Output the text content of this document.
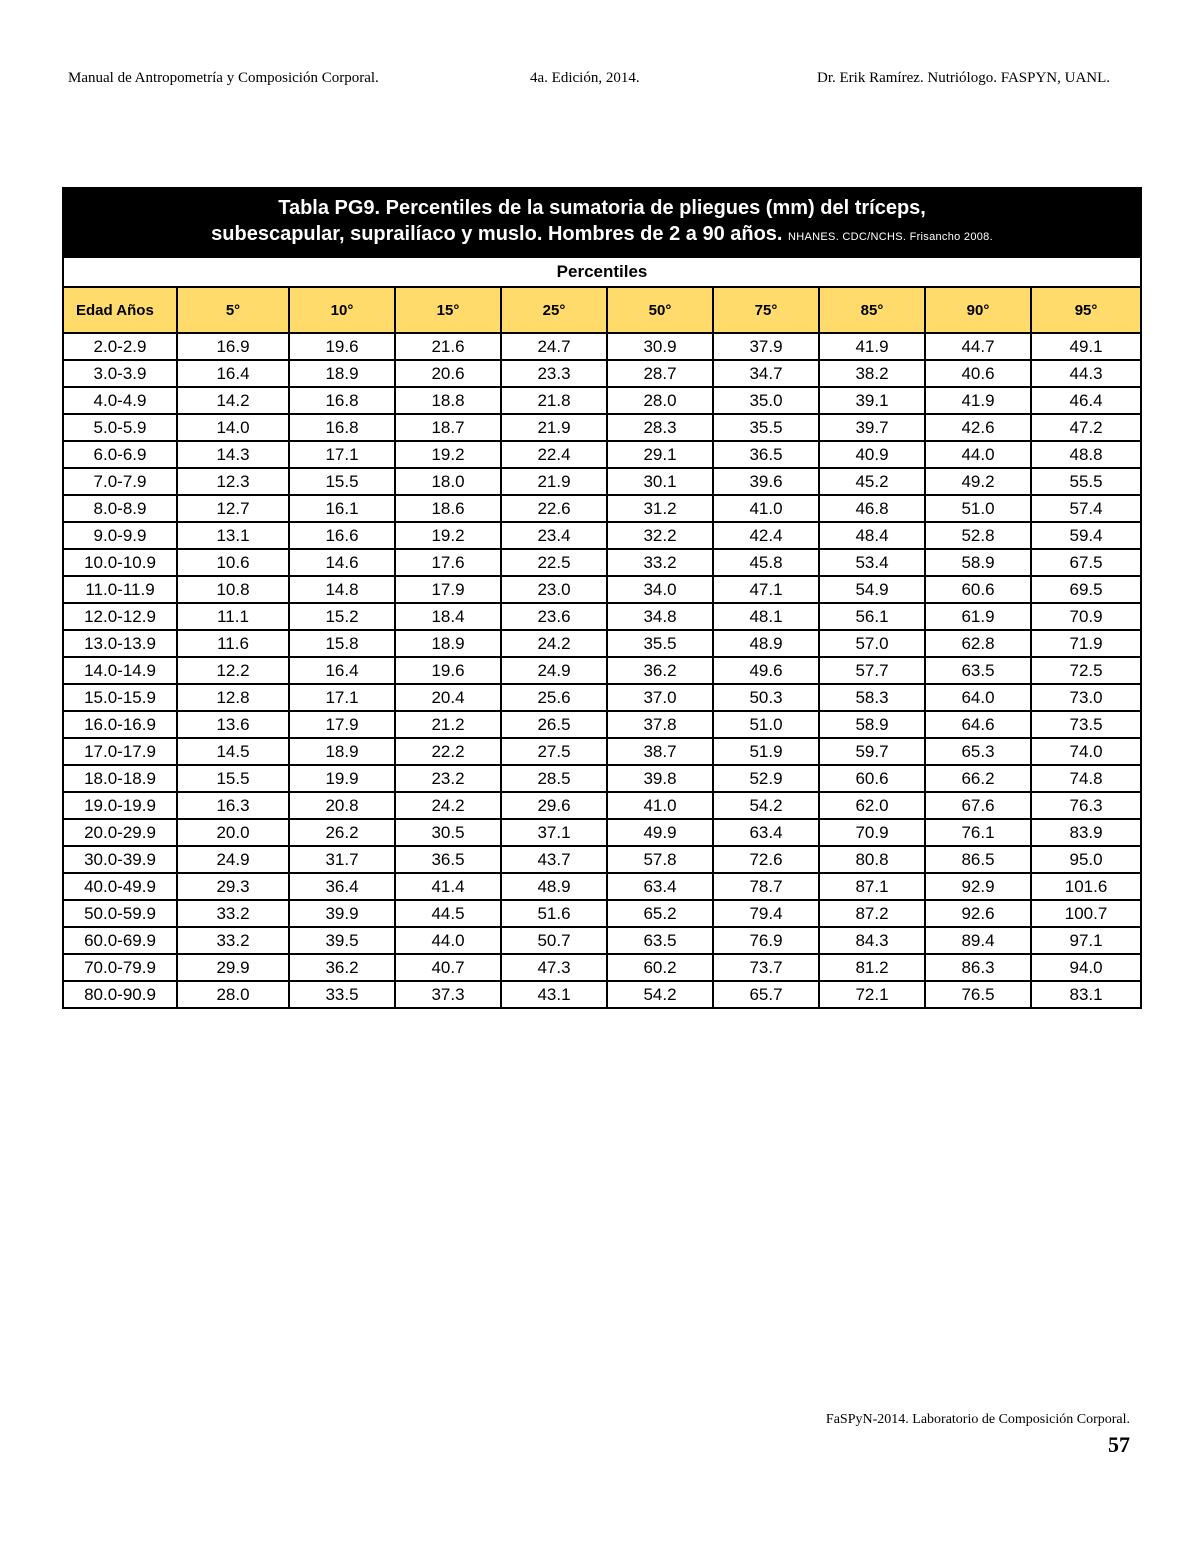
Manual de Antropometría y Composición Corporal.	4a. Edición, 2014.	Dr. Erik Ramírez. Nutriólogo. FASPYN, UANL.
Tabla PG9. Percentiles de la sumatoria de pliegues (mm) del tríceps,
subescapular, suprailíaco y muslo. Hombres de 2 a 90 años. NHANES. CDC/NCHS. Frisancho 2008.									
Percentiles									
Edad Años	5°	10°	15°	25°	50°	75°	85°	90°	95°
2.0-2.9	16.9	19.6	21.6	24.7	30.9	37.9	41.9	44.7	49.1
3.0-3.9	16.4	18.9	20.6	23.3	28.7	34.7	38.2	40.6	44.3
4.0-4.9	14.2	16.8	18.8	21.8	28.0	35.0	39.1	41.9	46.4
5.0-5.9	14.0	16.8	18.7	21.9	28.3	35.5	39.7	42.6	47.2
6.0-6.9	14.3	17.1	19.2	22.4	29.1	36.5	40.9	44.0	48.8
7.0-7.9	12.3	15.5	18.0	21.9	30.1	39.6	45.2	49.2	55.5
8.0-8.9	12.7	16.1	18.6	22.6	31.2	41.0	46.8	51.0	57.4
9.0-9.9	13.1	16.6	19.2	23.4	32.2	42.4	48.4	52.8	59.4
10.0-10.9	10.6	14.6	17.6	22.5	33.2	45.8	53.4	58.9	67.5
11.0-11.9	10.8	14.8	17.9	23.0	34.0	47.1	54.9	60.6	69.5
12.0-12.9	11.1	15.2	18.4	23.6	34.8	48.1	56.1	61.9	70.9
13.0-13.9	11.6	15.8	18.9	24.2	35.5	48.9	57.0	62.8	71.9
14.0-14.9	12.2	16.4	19.6	24.9	36.2	49.6	57.7	63.5	72.5
15.0-15.9	12.8	17.1	20.4	25.6	37.0	50.3	58.3	64.0	73.0
16.0-16.9	13.6	17.9	21.2	26.5	37.8	51.0	58.9	64.6	73.5
17.0-17.9	14.5	18.9	22.2	27.5	38.7	51.9	59.7	65.3	74.0
18.0-18.9	15.5	19.9	23.2	28.5	39.8	52.9	60.6	66.2	74.8
19.0-19.9	16.3	20.8	24.2	29.6	41.0	54.2	62.0	67.6	76.3
20.0-29.9	20.0	26.2	30.5	37.1	49.9	63.4	70.9	76.1	83.9
30.0-39.9	24.9	31.7	36.5	43.7	57.8	72.6	80.8	86.5	95.0
40.0-49.9	29.3	36.4	41.4	48.9	63.4	78.7	87.1	92.9	101.6
50.0-59.9	33.2	39.9	44.5	51.6	65.2	79.4	87.2	92.6	100.7
60.0-69.9	33.2	39.5	44.0	50.7	63.5	76.9	84.3	89.4	97.1
70.0-79.9	29.9	36.2	40.7	47.3	60.2	73.7	81.2	86.3	94.0
80.0-90.9	28.0	33.5	37.3	43.1	54.2	65.7	72.1	76.5	83.1
FaSPyN-2014. Laboratorio de Composición Corporal.
57
